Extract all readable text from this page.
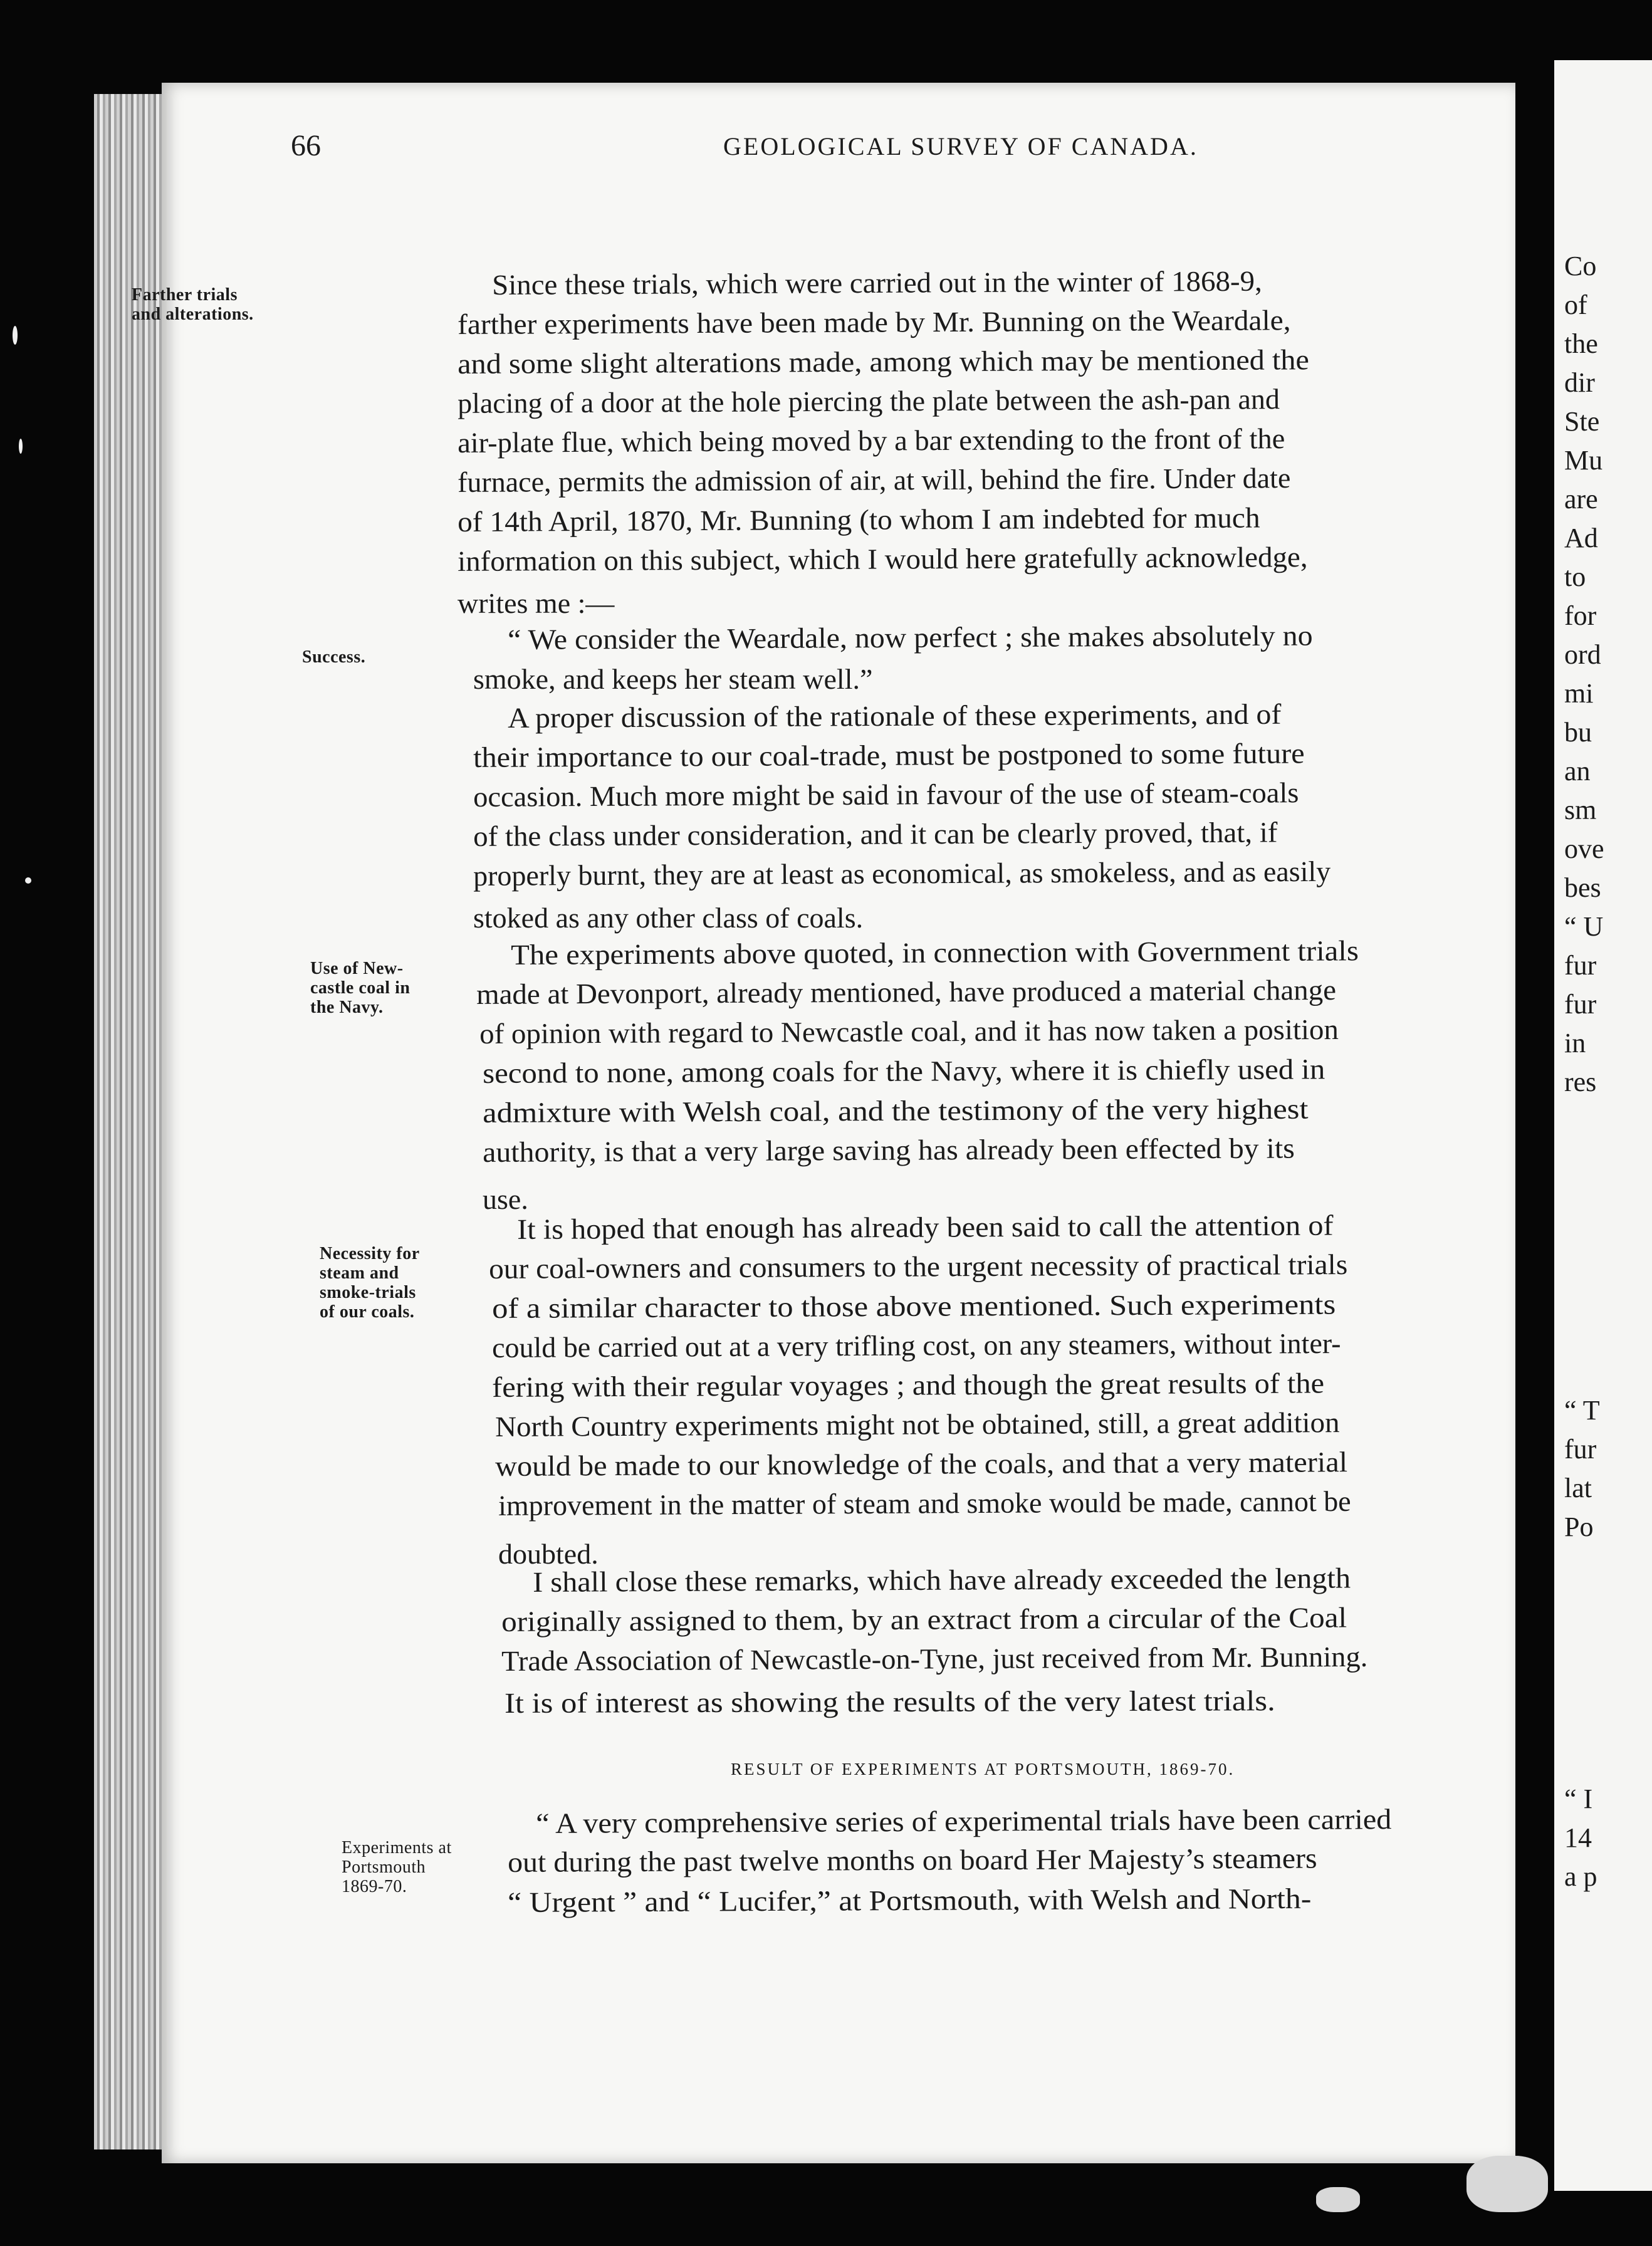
Co
of
the
dir
Ste
Mu
are
Ad
to
for
ord
mi
bu
an
sm
ove
bes
“ U
fur
fur
in
res
“ T
fur
lat
Po
“ I
14
a p
66	GEOLOGICAL SURVEY OF CANADA.
Farther trials
and alterations.
Success.
Use of New-
castle coal in
the Navy.
Necessity for
steam and
smoke-trials
of our coals.
Experiments at
Portsmouth
1869-70.
Since these trials, which were carried out in the winter of 1868-9,
farther experiments have been made by Mr. Bunning on the Weardale,
and some slight alterations made, among which may be mentioned the
placing of a door at the hole piercing the plate between the ash-pan and
air-plate flue, which being moved by a bar extending to the front of the
furnace, permits the admission of air, at will, behind the fire. Under date
of 14th April, 1870, Mr. Bunning (to whom I am indebted for much
information on this subject, which I would here gratefully acknowledge,
writes me :—
“ We consider the Weardale, now perfect ; she makes absolutely no
smoke, and keeps her steam well.”
A proper discussion of the rationale of these experiments, and of
their importance to our coal-trade, must be postponed to some future
occasion. Much more might be said in favour of the use of steam-coals
of the class under consideration, and it can be clearly proved, that, if
properly burnt, they are at least as economical, as smokeless, and as easily
stoked as any other class of coals.
The experiments above quoted, in connection with Government trials
made at Devonport, already mentioned, have produced a material change
of opinion with regard to Newcastle coal, and it has now taken a position
second to none, among coals for the Navy, where it is chiefly used in
admixture with Welsh coal, and the testimony of the very highest
authority, is that a very large saving has already been effected by its
use.
It is hoped that enough has already been said to call the attention of
our coal-owners and consumers to the urgent necessity of practical trials
of a similar character to those above mentioned. Such experiments
could be carried out at a very trifling cost, on any steamers, without inter-
fering with their regular voyages ; and though the great results of the
North Country experiments might not be obtained, still, a great addition
would be made to our knowledge of the coals, and that a very material
improvement in the matter of steam and smoke would be made, cannot be
doubted.
I shall close these remarks, which have already exceeded the length
originally assigned to them, by an extract from a circular of the Coal
Trade Association of Newcastle-on-Tyne, just received from Mr. Bunning.
It is of interest as showing the results of the very latest trials.
RESULT OF EXPERIMENTS AT PORTSMOUTH, 1869-70.
“ A very comprehensive series of experimental trials have been carried
out during the past twelve months on board Her Majesty’s steamers
“ Urgent ” and “ Lucifer,” at Portsmouth, with Welsh and North-
